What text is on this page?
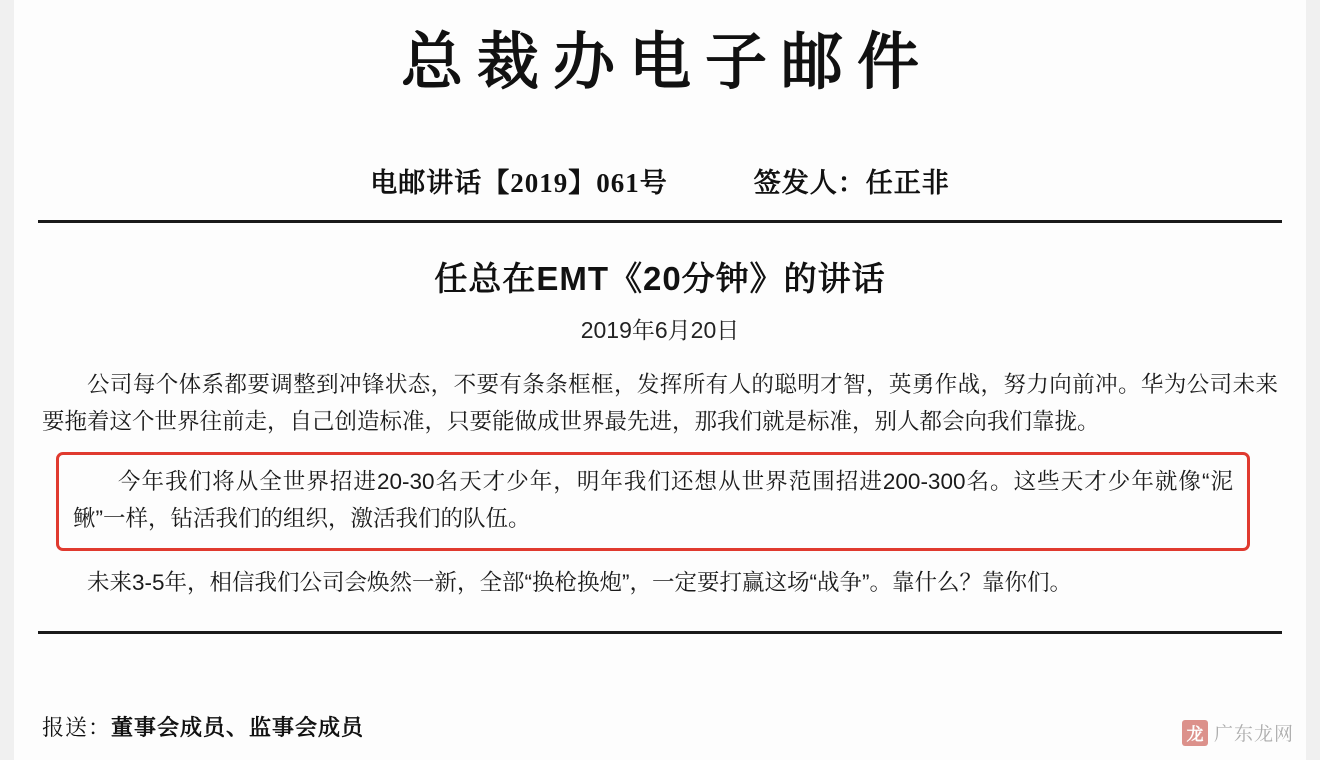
总裁办电子邮件
电邮讲话【2019】061号	签发人：任正非
任总在EMT《20分钟》的讲话
2019年6月20日

公司每个体系都要调整到冲锋状态，不要有条条框框，发挥所有人的聪明才智，英勇作战，努力向前冲。华为公司未来要拖着这个世界往前走，自己创造标准，只要能做成世界最先进，那我们就是标准，别人都会向我们靠拢。

今年我们将从全世界招进20-30名天才少年，明年我们还想从世界范围招进200-300名。这些天才少年就像“泥鳅”一样，钻活我们的组织，激活我们的队伍。

未来3-5年，相信我们公司会焕然一新，全部“换枪换炮”，一定要打赢这场“战争”。靠什么？靠你们。

报送：董事会成员、监事会成员	龙 广东龙网
